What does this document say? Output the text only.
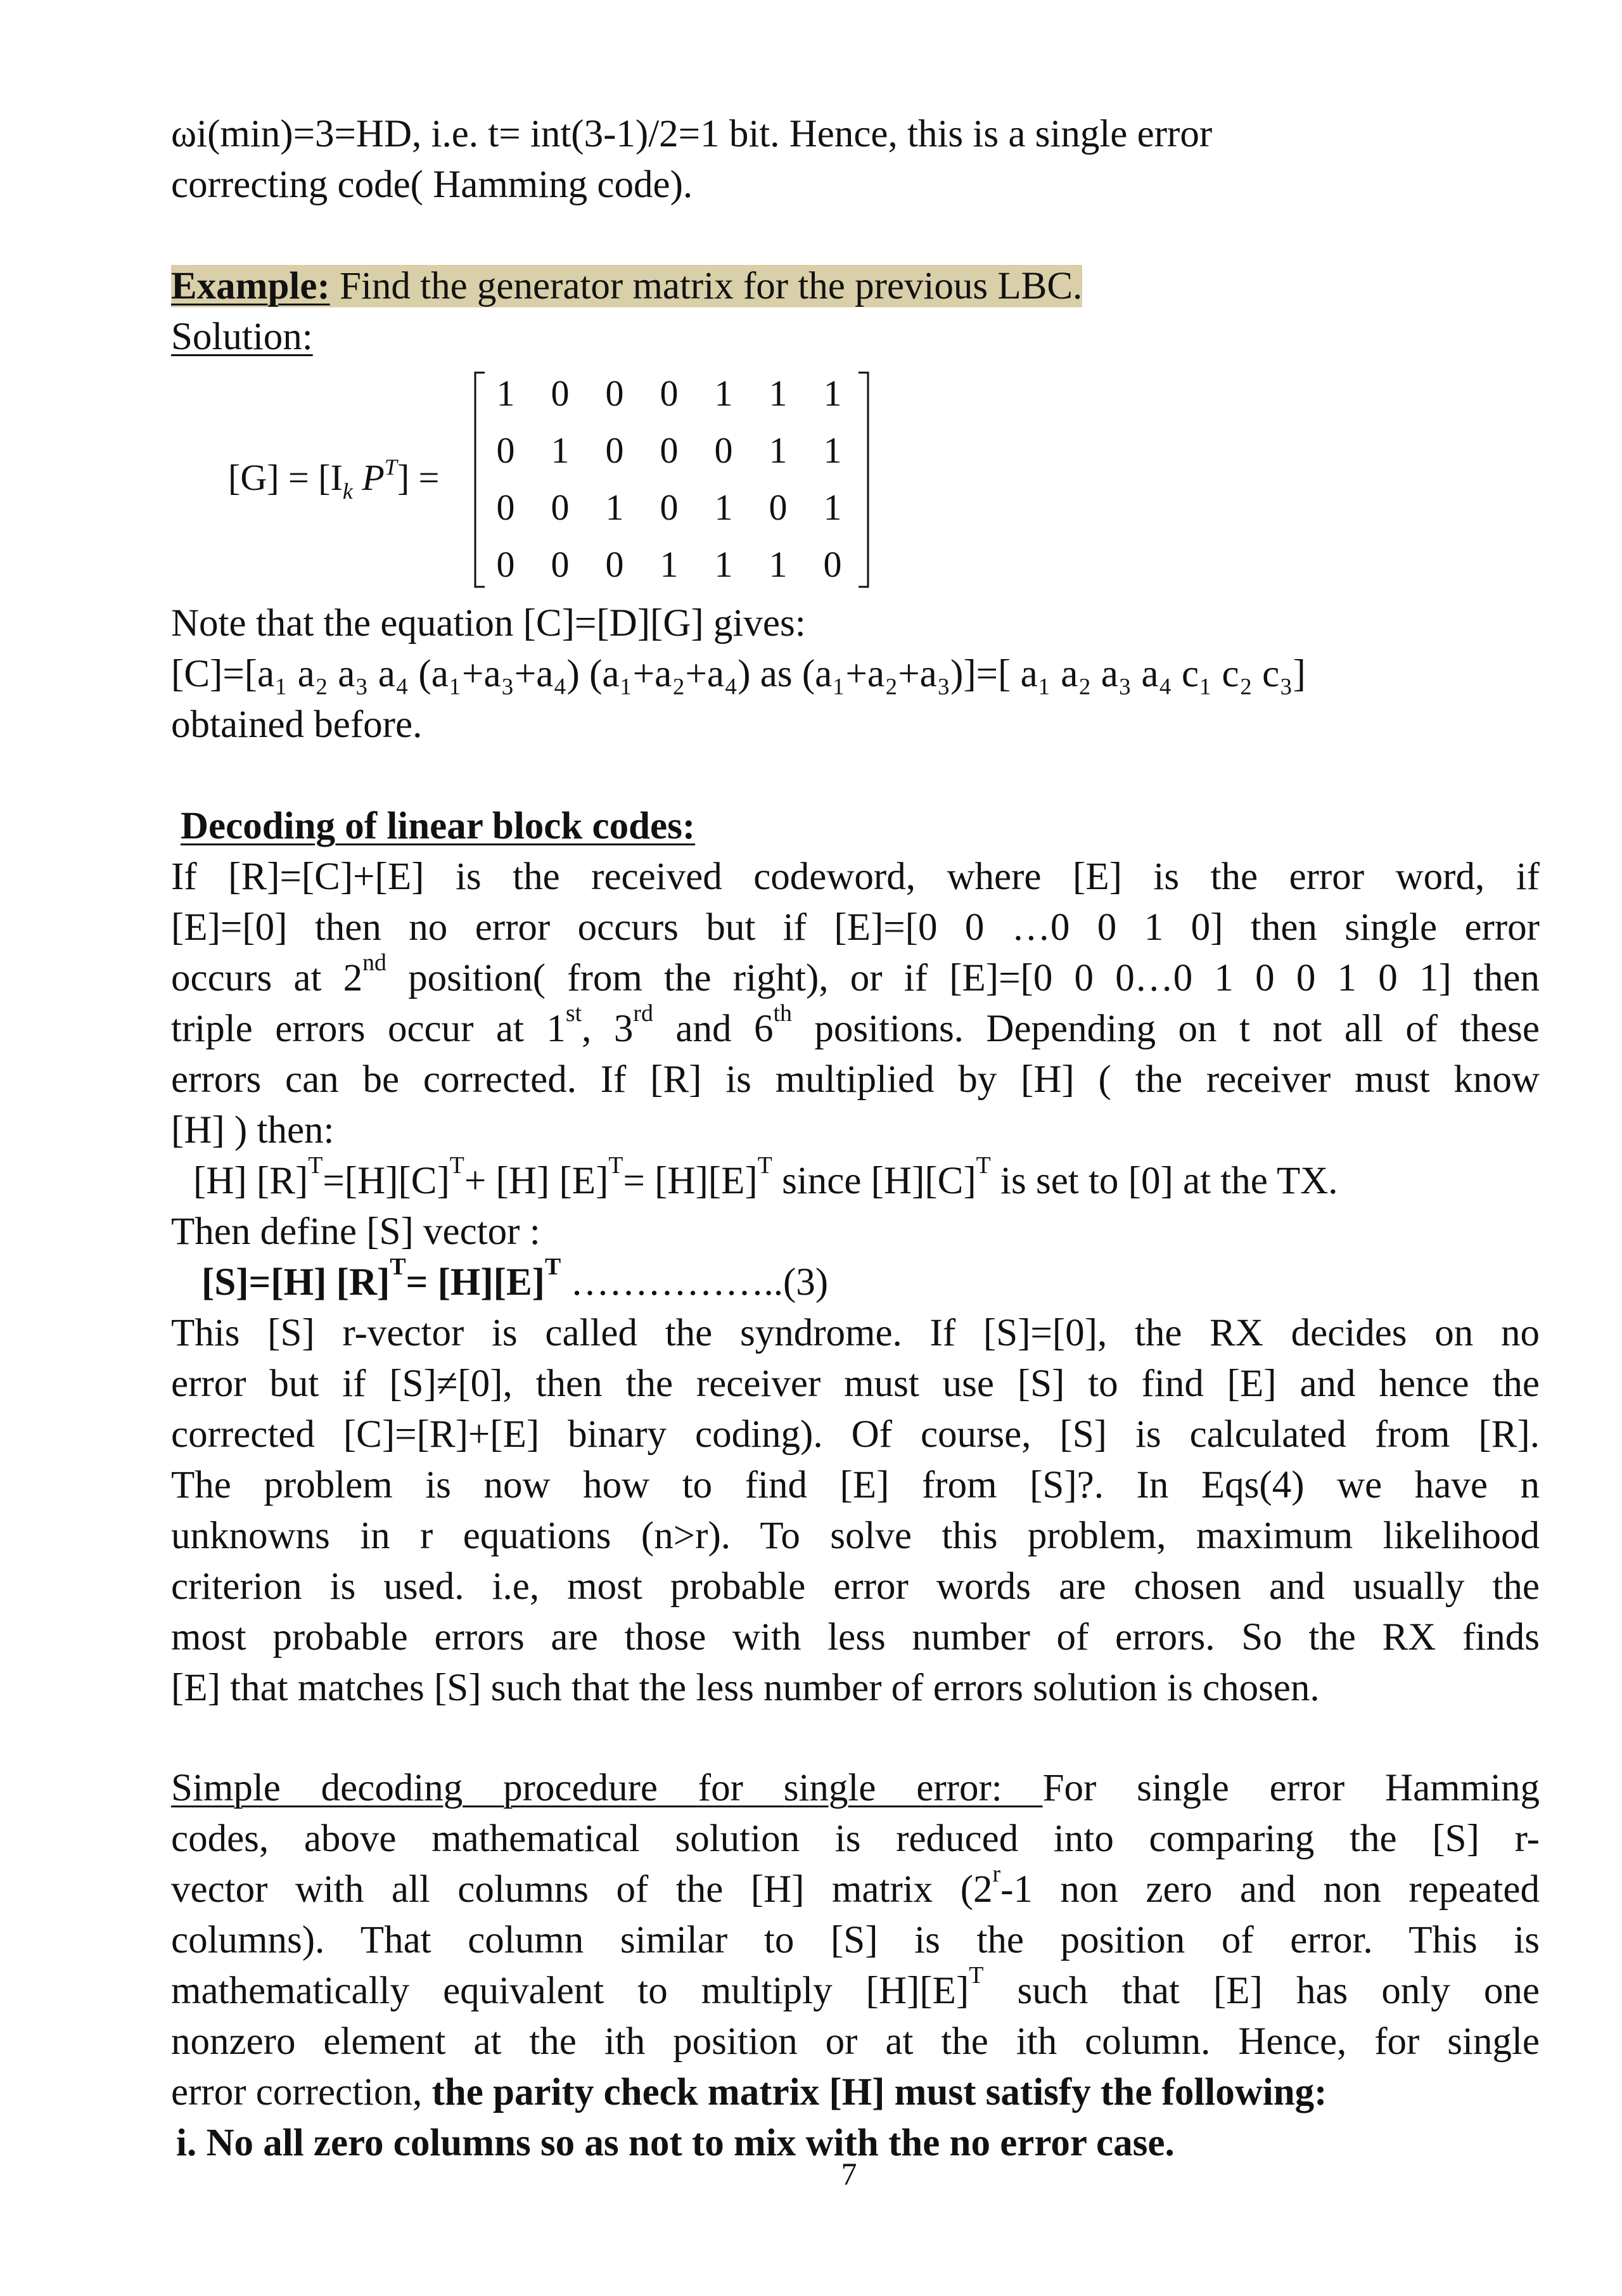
ωi(min)=3=HD, i.e. t= int(3-1)/2=1 bit. Hence, this is a single error
correcting code( Hamming code).
Example: Find the generator matrix for the previous LBC.
Solution:
$[G] = [I_k$ $P^T$] =
1 0 0 0 1 1 1
0 1 0 0 0 1 1
0 0 1 0 1 0 1
0 0 0 1 1 1 0
Note that the equation [C]=[D][G] gives:
[C]=[a₁ a₂ a₃ a₄ (a₁+a₃+a₄) (a₁+a₂+a₄) as (a₁+a₂+a₃)]=[ a₁ a₂ a₃ a₄ c₁ c₂ c₃]
obtained before.
Decoding of linear block codes:
If [R]=[C]+[E] is the received codeword, where [E] is the error word, if
[E]=[0] then no error occurs but if [E]=[0 0 …0 0 1 0] then single error
occurs at 2nd position( from the right), or if [E]=[0 0 0…0 1 0 0 1 0 1] then
triple errors occur at 1st, 3rd and 6th positions. Depending on t not all of these
errors can be corrected. If [R] is multiplied by [H] ( the receiver must know
[H] ) then:
[H] $[R]^T=[H][C]^T+ [H]$ $[E]^T= [H][E]^T$ since $[H][C]^T$ is set to [0] at the TX.
Then define [S] vector :
[S]=[H] $[R]^T= [H][E]^T$ ……………..(3)
This [S] r-vector is called the syndrome. If [S]=[0], the RX decides on no
error but if [S]≠[0], then the receiver must use [S] to find [E] and hence the
corrected [C]=[R]+[E] binary coding). Of course, [S] is calculated from [R].
The problem is now how to find [E] from [S]?. In Eqs(4) we have n
unknowns in r equations (n>r). To solve this problem, maximum likelihood
criterion is used. i.e, most probable error words are chosen and usually the
most probable errors are those with less number of errors. So the RX finds
[E] that matches [S] such that the less number of errors solution is chosen.
Simple decoding procedure for single error: For single error Hamming
codes, above mathematical solution is reduced into comparing the [S] r-
vector with all columns of the [H] matrix (2$^r$-1 non zero and non repeated
columns). That column similar to [S] is the position of error. This is
mathematically equivalent to multiply $[H][E]^T$ such that [E] has only one
nonzero element at the ith position or at the ith column. Hence, for single
error correction, the parity check matrix [H] must satisfy the following:
i. No all zero columns so as not to mix with the no error case.
7
